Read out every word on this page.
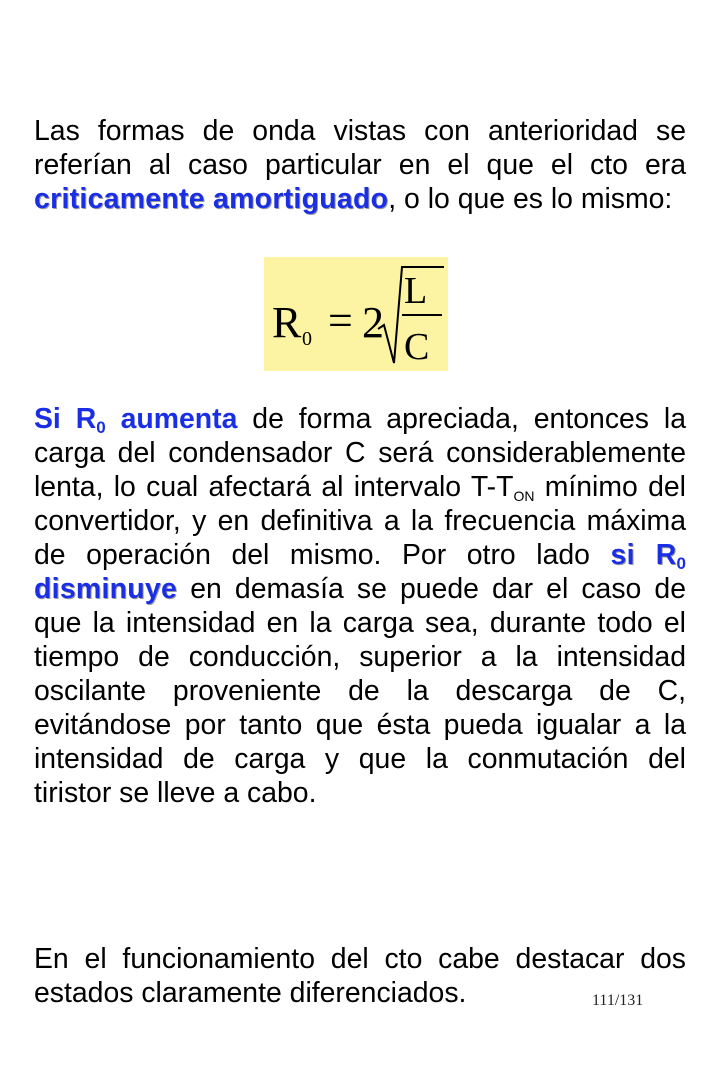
Las formas de onda vistas con anterioridad se referían al caso particular en el que el cto era criticamente amortiguado, o lo que es lo mismo:
R 0 = 2
L
C
Si $R_0$ aumenta de forma apreciada, entonces la carga del condensador C será considerablemente lenta, lo cual afectará al intervalo $T-T_{ON}$ mínimo del convertidor, y en definitiva a la frecuencia máxima de operación del mismo. Por otro lado si $R_0$ disminuye en demasía se puede dar el caso de que la intensidad en la carga sea, durante todo el tiempo de conducción, superior a la intensidad oscilante proveniente de la descarga de C, evitándose por tanto que ésta pueda igualar a la intensidad de carga y que la conmutación del tiristor se lleve a cabo.
En el funcionamiento del cto cabe destacar dos estados claramente diferenciados.	111/131
